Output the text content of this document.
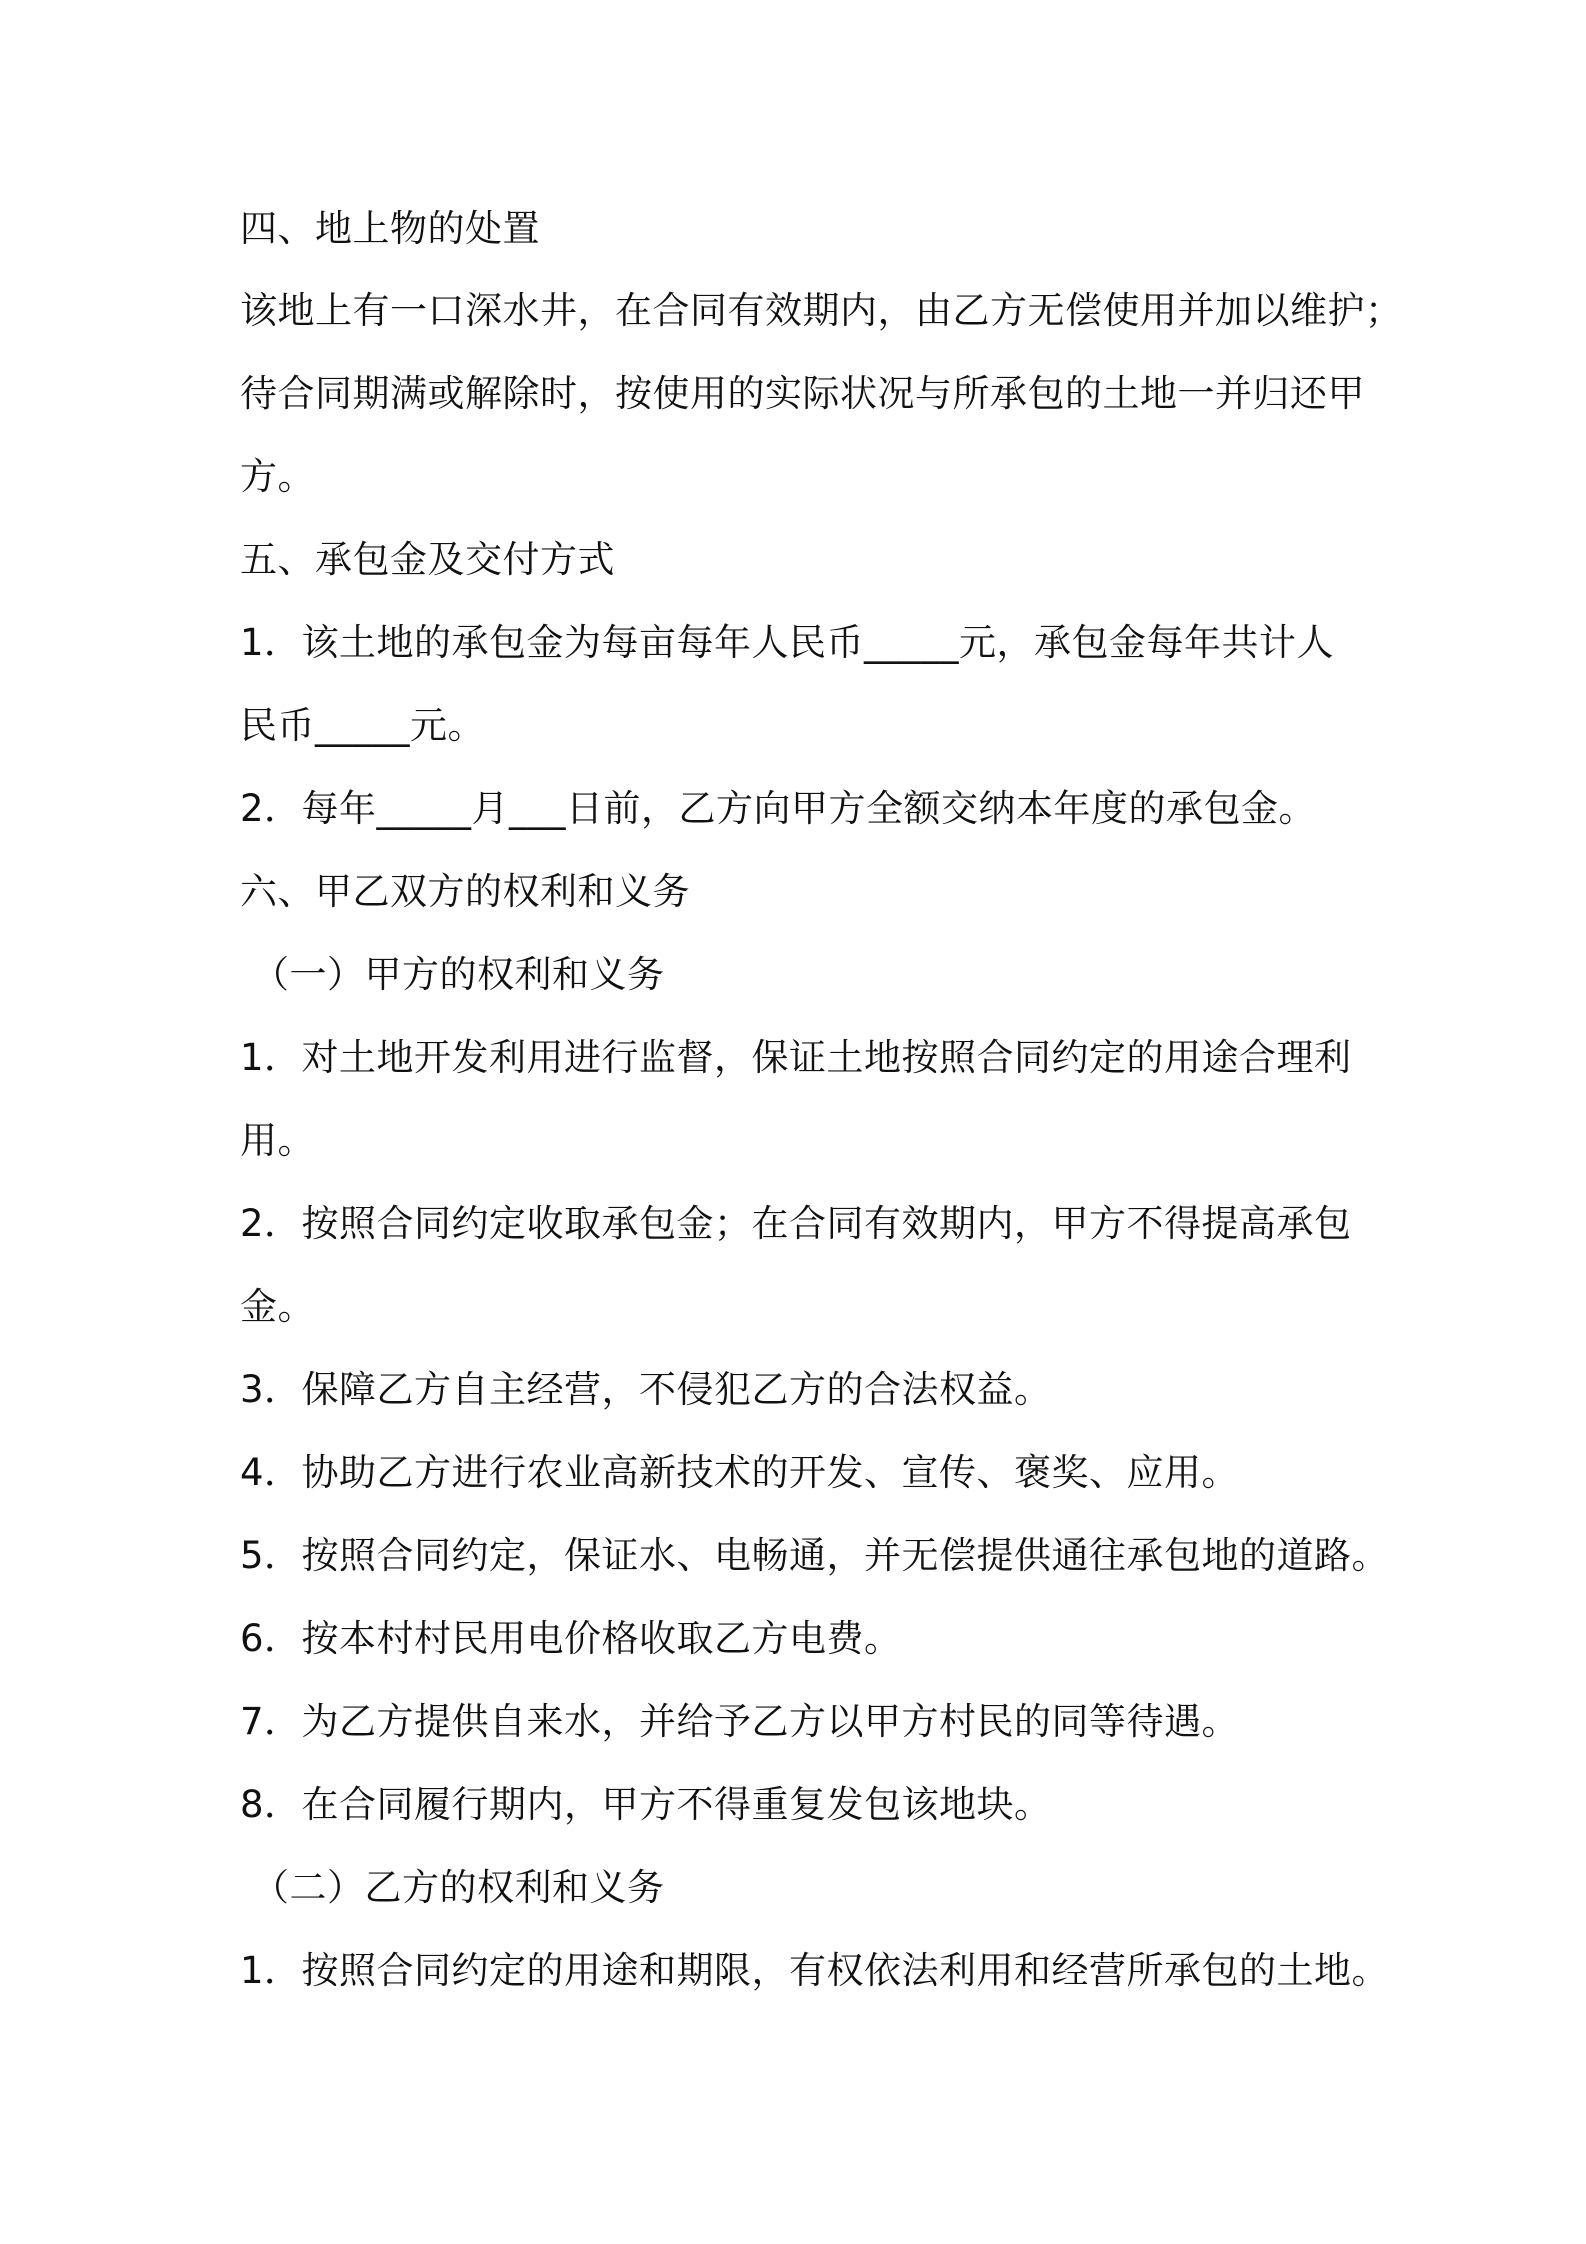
四、地上物的处置
该地上有一口深水井，在合同有效期内，由乙方无偿使用并加以维护；
待合同期满或解除时，按使用的实际状况与所承包的土地一并归还甲
方。
五、承包金及交付方式
1．该土地的承包金为每亩每年人民币_____元，承包金每年共计人
民币_____元。
2．每年_____月___日前，乙方向甲方全额交纳本年度的承包金。
六、甲乙双方的权利和义务
（一）甲方的权利和义务
1．对土地开发利用进行监督，保证土地按照合同约定的用途合理利
用。
2．按照合同约定收取承包金；在合同有效期内，甲方不得提高承包
金。
3．保障乙方自主经营，不侵犯乙方的合法权益。
4．协助乙方进行农业高新技术的开发、宣传、褒奖、应用。
5．按照合同约定，保证水、电畅通，并无偿提供通往承包地的道路。
6．按本村村民用电价格收取乙方电费。
7．为乙方提供自来水，并给予乙方以甲方村民的同等待遇。
8．在合同履行期内，甲方不得重复发包该地块。
（二）乙方的权利和义务
1．按照合同约定的用途和期限，有权依法利用和经营所承包的土地。
